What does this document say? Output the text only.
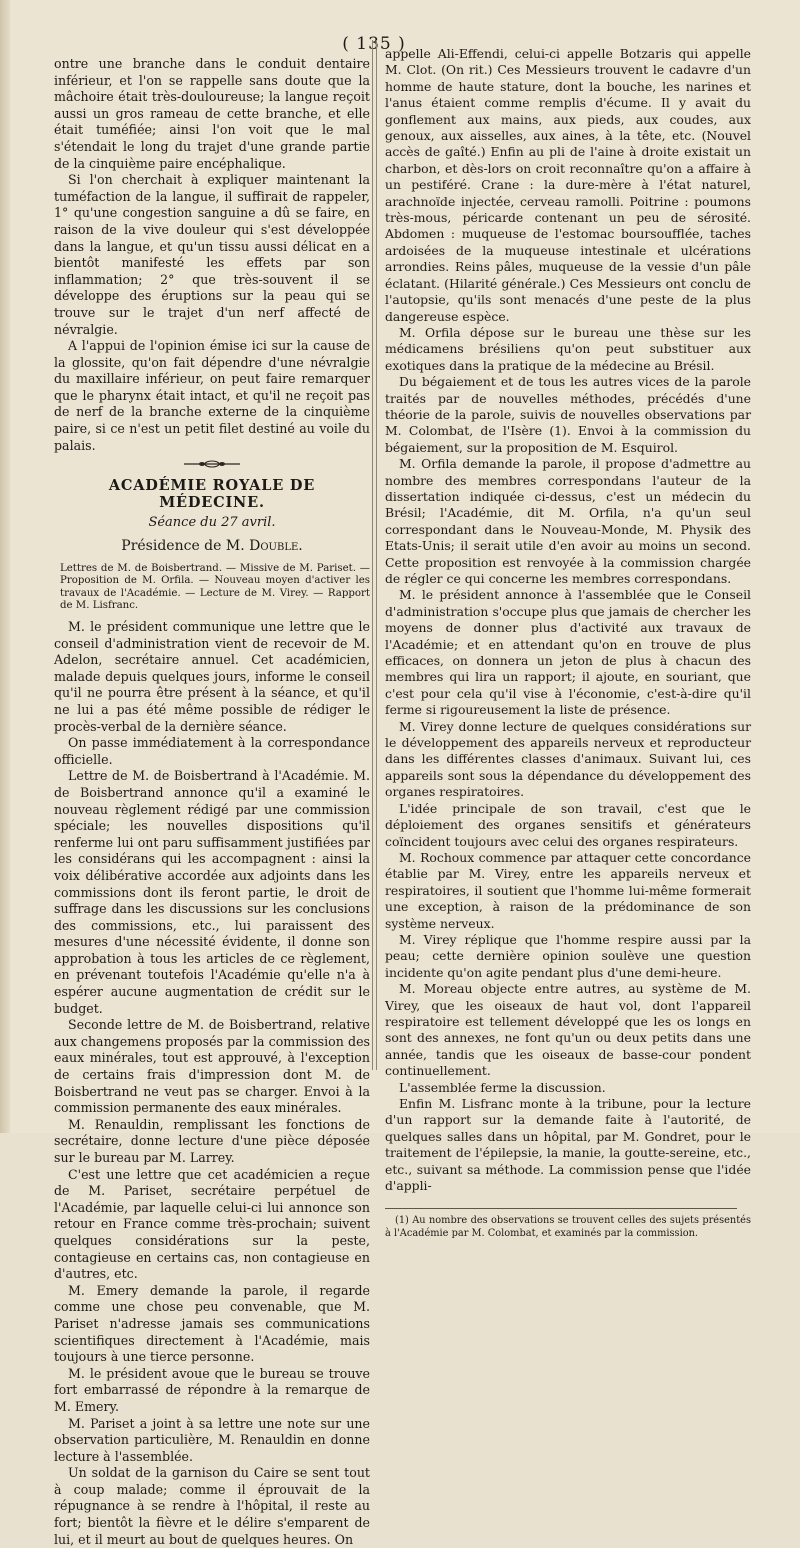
( 135 )

ontre une branche dans le conduit dentaire inférieur, et l'on se rappelle sans doute que la mâchoire était très-douloureuse; la langue reçoit aussi un gros rameau de cette branche, et elle était tuméfiée; ainsi l'on voit que le mal s'étendait le long du trajet d'une grande partie de la cinquième paire encéphalique.

Si l'on cherchait à expliquer maintenant la tuméfaction de la langue, il suffirait de rappeler, 1° qu'une congestion sanguine a dû se faire, en raison de la vive douleur qui s'est développée dans la langue, et qu'un tissu aussi délicat en a bientôt manifesté les effets par son inflammation; 2° que très-souvent il se développe des éruptions sur la peau qui se trouve sur le trajet d'un nerf affecté de névralgie.

A l'appui de l'opinion émise ici sur la cause de la glossite, qu'on fait dépendre d'une névralgie du maxillaire inférieur, on peut faire remarquer que le pharynx était intact, et qu'il ne reçoit pas de nerf de la branche externe de la cinquième paire, si ce n'est un petit filet destiné au voile du palais.

ACADÉMIE ROYALE DE MÉDECINE.
Séance du 27 avril.
Présidence de M. Double.

Lettres de M. de Boisbertrand. — Missive de M. Pariset. — Proposition de M. Orfila. — Nouveau moyen d'activer les travaux de l'Académie. — Lecture de M. Virey. — Rapport de M. Lisfranc.

M. le président communique une lettre que le conseil d'administration vient de recevoir de M. Adelon, secrétaire annuel. Cet académicien, malade depuis quelques jours, informe le conseil qu'il ne pourra être présent à la séance, et qu'il ne lui a pas été même possible de rédiger le procès-verbal de la dernière séance.

On passe immédiatement à la correspondance officielle.

Lettre de M. de Boisbertrand à l'Académie. M. de Boisbertrand annonce qu'il a examiné le nouveau règlement rédigé par une commission spéciale; les nouvelles dispositions qu'il renferme lui ont paru suffisamment justifiées par les considérans qui les accompagnent : ainsi la voix délibérative accordée aux adjoints dans les commissions dont ils feront partie, le droit de suffrage dans les discussions sur les conclusions des commissions, etc., lui paraissent des mesures d'une nécessité évidente, il donne son approbation à tous les articles de ce règlement, en prévenant toutefois l'Académie qu'elle n'a à espérer aucune augmentation de crédit sur le budget.

Seconde lettre de M. de Boisbertrand, relative aux changemens proposés par la commission des eaux minérales, tout est approuvé, à l'exception de certains frais d'impression dont M. de Boisbertrand ne veut pas se charger. Envoi à la commission permanente des eaux minérales.

M. Renauldin, remplissant les fonctions de secrétaire, donne lecture d'une pièce déposée sur le bureau par M. Larrey.

C'est une lettre que cet académicien a reçue de M. Pariset, secrétaire perpétuel de l'Académie, par laquelle celui-ci lui annonce son retour en France comme très-prochain; suivent quelques considérations sur la peste, contagieuse en certains cas, non contagieuse en d'autres, etc.

M. Emery demande la parole, il regarde comme une chose peu convenable, que M. Pariset n'adresse jamais ses communications scientifiques directement à l'Académie, mais toujours à une tierce personne.

M. le président avoue que le bureau se trouve fort embarrassé de répondre à la remarque de M. Emery.

M. Pariset a joint à sa lettre une note sur une observation particulière, M. Renauldin en donne lecture à l'assemblée.

Un soldat de la garnison du Caire se sent tout à coup malade; comme il éprouvait de la répugnance à se rendre à l'hôpital, il reste au fort; bientôt la fièvre et le délire s'emparent de lui, et il meurt au bout de quelques heures. On

appelle Ali-Effendi, celui-ci appelle Botzaris qui appelle M. Clot. (On rit.) Ces Messieurs trouvent le cadavre d'un homme de haute stature, dont la bouche, les narines et l'anus étaient comme remplis d'écume. Il y avait du gonflement aux mains, aux pieds, aux coudes, aux genoux, aux aisselles, aux aines, à la tête, etc. (Nouvel accès de gaîté.) Enfin au pli de l'aine à droite existait un charbon, et dès-lors on croit reconnaître qu'on a affaire à un pestiféré. Crane : la dure-mère à l'état naturel, arachnoïde injectée, cerveau ramolli. Poitrine : poumons très-mous, péricarde contenant un peu de sérosité. Abdomen : muqueuse de l'estomac boursoufflée, taches ardoisées de la muqueuse intestinale et ulcérations arrondies. Reins pâles, muqueuse de la vessie d'un pâle éclatant. (Hilarité générale.) Ces Messieurs ont conclu de l'autopsie, qu'ils sont menacés d'une peste de la plus dangereuse espèce.

M. Orfila dépose sur le bureau une thèse sur les médicamens brésiliens qu'on peut substituer aux exotiques dans la pratique de la médecine au Brésil.

Du bégaiement et de tous les autres vices de la parole traités par de nouvelles méthodes, précédés d'une théorie de la parole, suivis de nouvelles observations par M. Colombat, de l'Isère (1). Envoi à la commission du bégaiement, sur la proposition de M. Esquirol.

M. Orfila demande la parole, il propose d'admettre au nombre des membres correspondans l'auteur de la dissertation indiquée ci-dessus, c'est un médecin du Brésil; l'Académie, dit M. Orfila, n'a qu'un seul correspondant dans le Nouveau-Monde, M. Physik des Etats-Unis; il serait utile d'en avoir au moins un second. Cette proposition est renvoyée à la commission chargée de régler ce qui concerne les membres correspondans.

M. le président annonce à l'assemblée que le Conseil d'administration s'occupe plus que jamais de chercher les moyens de donner plus d'activité aux travaux de l'Académie; et en attendant qu'on en trouve de plus efficaces, on donnera un jeton de plus à chacun des membres qui lira un rapport; il ajoute, en souriant, que c'est pour cela qu'il vise à l'économie, c'est-à-dire qu'il ferme si rigoureusement la liste de présence.

M. Virey donne lecture de quelques considérations sur le développement des appareils nerveux et reproducteur dans les différentes classes d'animaux. Suivant lui, ces appareils sont sous la dépendance du développement des organes respiratoires.

L'idée principale de son travail, c'est que le déploiement des organes sensitifs et générateurs coïncident toujours avec celui des organes respirateurs.

M. Rochoux commence par attaquer cette concordance établie par M. Virey, entre les appareils nerveux et respiratoires, il soutient que l'homme lui-même formerait une exception, à raison de la prédominance de son système nerveux.

M. Virey réplique que l'homme respire aussi par la peau; cette dernière opinion soulève une question incidente qu'on agite pendant plus d'une demi-heure.

M. Moreau objecte entre autres, au système de M. Virey, que les oiseaux de haut vol, dont l'appareil respiratoire est tellement développé que les os longs en sont des annexes, ne font qu'un ou deux petits dans une année, tandis que les oiseaux de basse-cour pondent continuellement.

L'assemblée ferme la discussion.

Enfin M. Lisfranc monte à la tribune, pour la lecture d'un rapport sur la demande faite à l'autorité, de quelques salles dans un hôpital, par M. Gondret, pour le traitement de l'épilepsie, la manie, la goutte-sereine, etc., etc., suivant sa méthode. La commission pense que l'idée d'appli-

(1) Au nombre des observations se trouvent celles des sujets présentés à l'Académie par M. Colombat, et examinés par la commission.
